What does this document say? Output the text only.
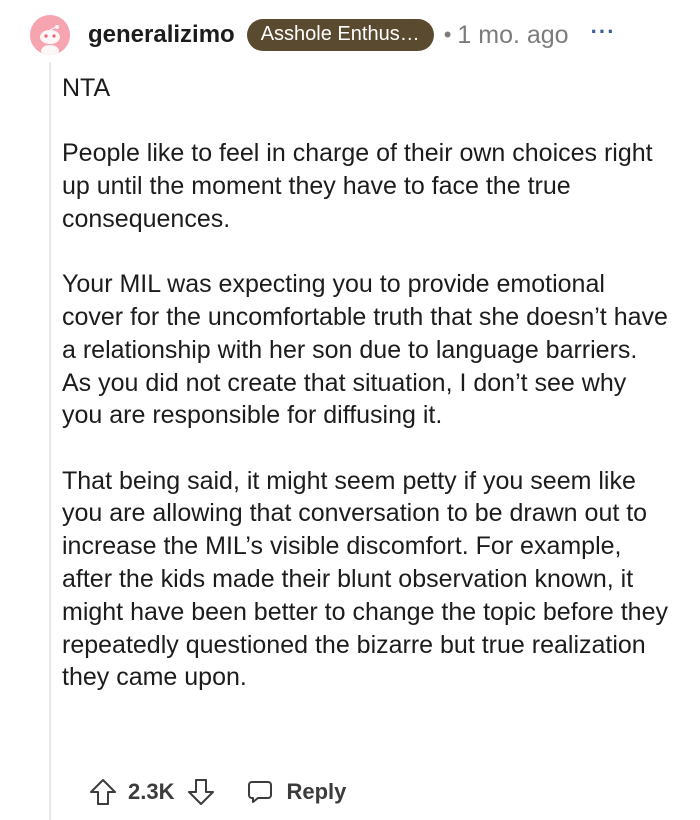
generalizimo	Asshole Enthus…	• 1 mo. ago ···

NTA

People like to feel in charge of their own choices right up until the moment they have to face the true consequences.

Your MIL was expecting you to provide emotional cover for the uncomfortable truth that she doesn’t have a relationship with her son due to language barriers. As you did not create that situation, I don’t see why you are responsible for diffusing it.

That being said, it might seem petty if you seem like you are allowing that conversation to be drawn out to increase the MIL’s visible discomfort. For example, after the kids made their blunt observation known, it might have been better to change the topic before they repeatedly questioned the bizarre but true realization they came upon.

2.3K	Reply
